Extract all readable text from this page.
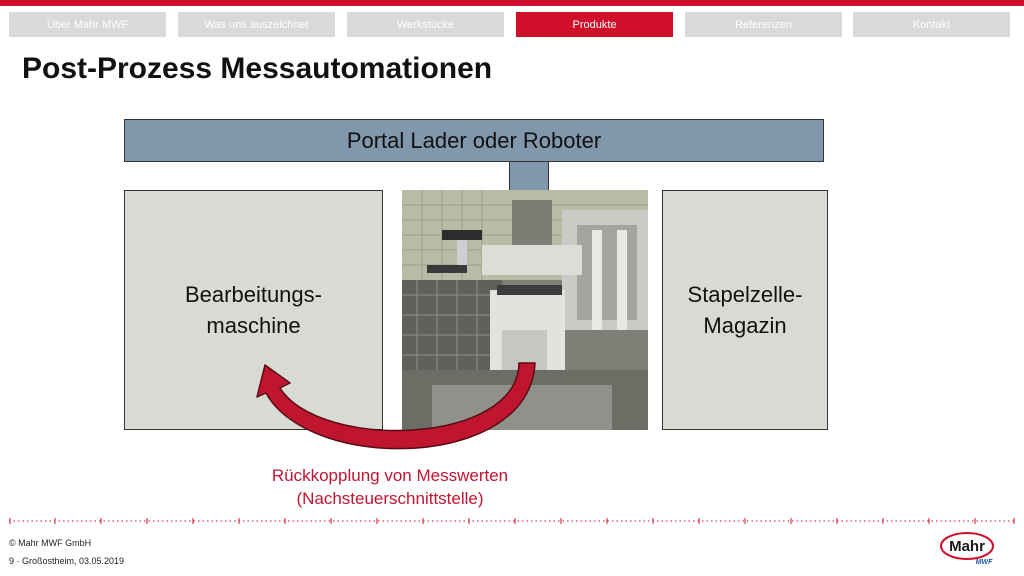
Über Mahr MWF	Was uns auszeichnet	Werkstücke	Produkte	Referenzen	Kontakt
Post-Prozess Messautomationen
Portal Lader oder Roboter
Bearbeitungs-
maschine
Stapelzelle-
Magazin
Rückkopplung von Messwerten
(Nachsteuerschnittstelle)
© Mahr MWF GmbH
9 · Großostheim, 03.05.2019
Mahr
MWF
